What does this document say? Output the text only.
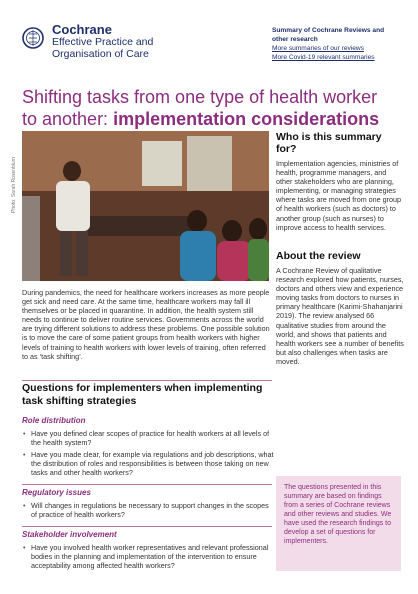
Cochrane
Effective Practice and
Organisation of Care
Summary of Cochrane Reviews and
other research
More summaries of our reviews
More Covid-19 relevant summaries
Shifting tasks from one type of health worker
to another: implementation considerations
Photo: Sarah Rosenblum
During pandemics, the need for healthcare workers increases as more people get sick and need care. At the same time, healthcare workers may fall ill themselves or be placed in quarantine. In addition, the health system still needs to continue to deliver routine services. Governments across the world are trying different solutions to address these problems. One possible solution is to move the care of some patient groups from health workers with higher levels of training to health workers with lower levels of training, often referred to as ‘task shifting’.
Questions for implementers when implementing task shifting strategies
Role distribution
• Have you defined clear scopes of practice for health workers at all levels of the health system?
• Have you made clear, for example via regulations and job descriptions, what the distribution of roles and responsibilities is between those taking on new tasks and other health workers?
Regulatory issues
• Will changes in regulations be necessary to support changes in the scopes of practice of health workers?
Stakeholder involvement
• Have you involved health worker representatives and relevant professional bodies in the planning and implementation of the intervention to ensure acceptability among affected health workers?
Who is this summary for?
Implementation agencies, ministries of health, programme managers, and other stakeholders who are planning, implementing, or managing strategies where tasks are moved from one group of health workers (such as doctors) to another group (such as nurses) to improve access to health services.
About the review
A Cochrane Review of qualitative research explored how patients, nurses, doctors and others view and experience moving tasks from doctors to nurses in primary healthcare (Karimi-Shahanjarini 2019). The review analysed 66 qualitative studies from around the world, and shows that patients and health workers see a number of benefits but also challenges when tasks are moved.

The questions presented in this summary are based on findings from a series of Cochrane reviews and other reviews and studies. We have used the research findings to develop a set of questions for implementers.
